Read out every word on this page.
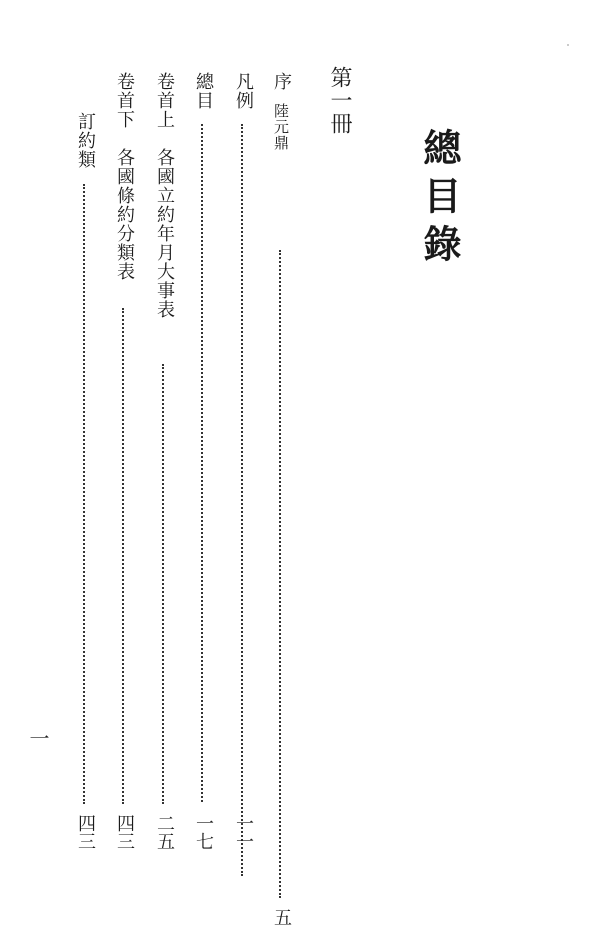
總目錄
第一冊
序陸元鼎
五
凡例
一一
總目
一七
卷首上　各國立約年月大事表
二五
卷首下　各國條約分類表
四三
訂約類
四三
一
